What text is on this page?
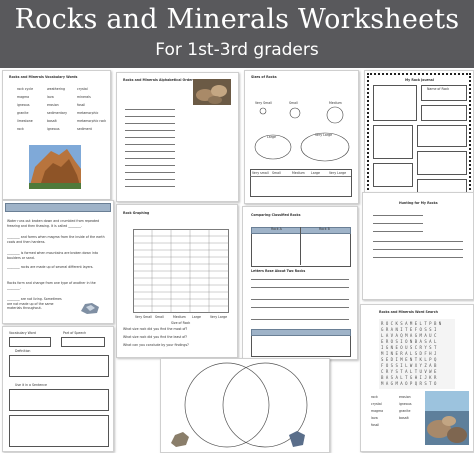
Rocks and Minerals Worksheets
For 1st-3rd graders
Rocks and Minerals Vocabulary Words
rock cycle	weathering	crystal
magma	lava	minerals
igneous	erosion	fossil
granite	sedimentary	metamorphic
limestone	basalt	metamorphic rock
rock	igneous	sediment
Rocks and Minerals Alphabetical Order
Sizes of Rocks
Very Small	Small	Medium
Large	Very Large
Very small Small	Medium Large	Very Large
My Rock Journal
Name of Rock
Water runs out broken down and crumbled from repeated freezing and then thawing. It is called ________.
________ and forms when magma from the inside of the earth cools and then hardens.
________ is formed when mountains are broken down into boulders or sand.
________ rocks are made up of several different layers.
Rocks form and change from one type of another in the ________.
________ are not living. Sometimes are not made up of the same materials throughout.
Rock Graphing
Very Small Small	Medium Large	Very Large
Size of Rock
What size rock did you find the most of?
What size rock did you find the least of?
What can you conclude by your findings?
Comparing Classified Rocks
Rock A	Rock B
Letters Rose About Two Rocks
Hunting for My Rocks
Vocabulary Word	Part of Speech
Definition
Use it in a Sentence
Rocks and Minerals Word Search
R O C K S A M E L T P B N
G R A N I T E F O S S I
L A V A Q M A G M A U C
E R O S I O N B A S A L
I G N E O U S C R Y S T
M I N E R A L S D F H J
S E D I M E N T K L P Q
F O S S I L W X Y Z A B
C R Y S T A L T U V W E
B A S A L T G H I J K R
M A G M A O P Q R S T O
rock
crystal
magma
lava
fossil
erosion
igneous
granite
basalt
